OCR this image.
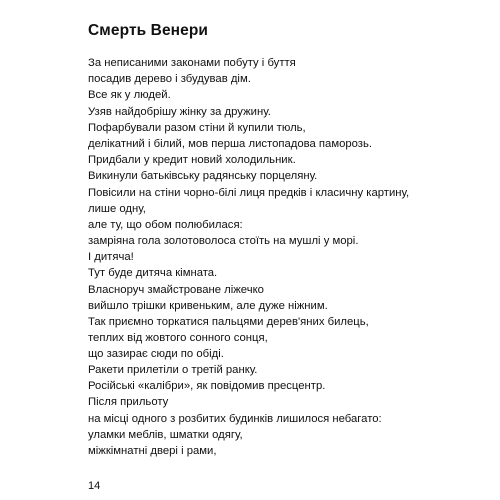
Смерть Венери
За неписаними законами побуту і буття
посадив дерево і збудував дім.
Все як у людей.
Узяв найдобрішу жінку за дружину.
Пофарбували разом стіни й купили тюль,
делікатний і білий, мов перша листопадова паморозь.
Придбали у кредит новий холодильник.
Викинули батьківську радянську порцеляну.
Повісили на стіни чорно-білі лиця предків і класичну картину,
лише одну,
але ту, що обом полюбилася:
замріяна гола золотоволоса стоїть на мушлі у морі.
І дитяча!
Тут буде дитяча кімната.
Власноруч змайстроване ліжечко
вийшло трішки кривеньким, але дуже ніжним.
Так приємно торкатися пальцями дерев'яних билець,
теплих від жовтого сонного сонця,
що зазирає сюди по обіді.
Ракети прилетіли о третій ранку.
Російські «калібри», як повідомив пресцентр.
Після прильоту
на місці одного з розбитих будинків лишилося небагато:
уламки меблів, шматки одягу,
міжкімнатні двері і рами,
14
